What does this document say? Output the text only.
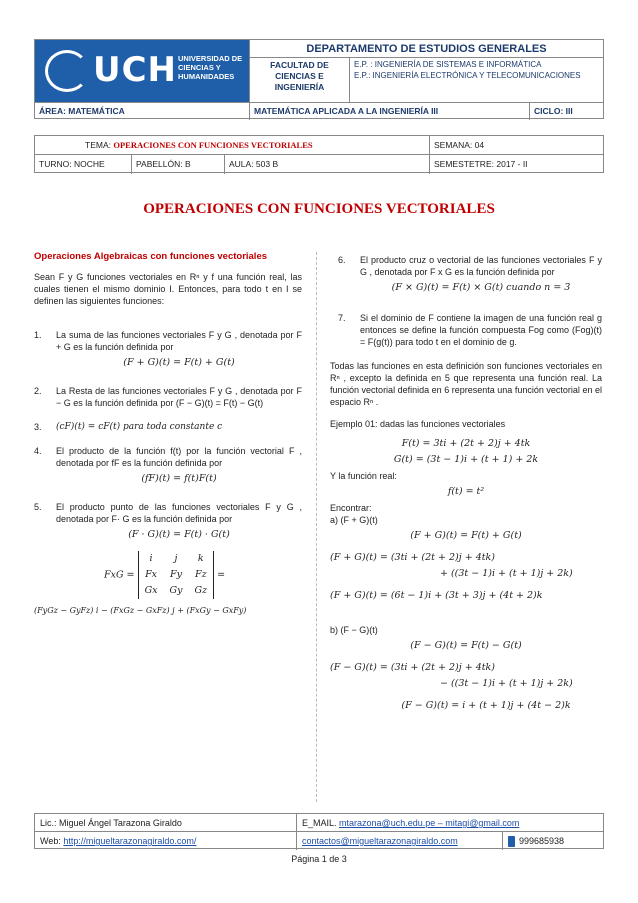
UCH UNIVERSIDAD DE CIENCIAS Y HUMANIDADES
DEPARTAMENTO DE ESTUDIOS GENERALES
FACULTAD DE CIENCIAS E INGENIERÍA
E.P. : INGENIERÍA DE SISTEMAS E INFORMÁTICA
E.P.: INGENIERÍA ELECTRÓNICA Y TELECOMUNICACIONES
ÁREA: MATEMÁTICA	MATEMÁTICA APLICADA A LA INGENIERÍA III	CICLO: III
TEMA: OPERACIONES CON FUNCIONES VECTORIALES	SEMANA: 04
TURNO: NOCHE	PABELLÓN: B	AULA: 503 B	SEMESTETRE: 2017 - II
OPERACIONES CON FUNCIONES VECTORIALES
Operaciones Algebraicas con funciones vectoriales

Sean F y G funciones vectoriales en Rⁿ y f una función real, las cuales tienen el mismo dominio I. Entonces, para todo t en I se definen las siguientes funciones:

1.	La suma de las funciones vectoriales F y G , denotada por F + G es la función definida por
(F + G)(t) = F(t) + G(t)
2.	La Resta de las funciones vectoriales F y G , denotada por F − G es la función definida por (F − G)(t) = F(t) − G(t)
3.	(cF)(t) = cF(t) para toda constante c
4.	El producto de la función f(t) por la función vectorial F , denotada por fF es la función definida por
(fF)(t) = f(t)F(t)
5.	El producto punto de las funciones vectoriales F y G , denotada por F· G es la función definida por
(F · G)(t) = F(t) · G(t)
FxG = i	j	k
Fx	Fy	Fz
Gx	Gy	Gz =
(FyGz − GyFz) i − (FxGz − GxFz) j + (FxGy − GxFy)
6.	El producto cruz o vectorial de las funciones vectoriales F y G , denotada por F x G es la función definida por
(F × G)(t) = F(t) × G(t) cuando n = 3
7.	Si el dominio de F contiene la imagen de una función real g entonces se define la función compuesta Fog como (Fog)(t) = F(g(t)) para todo t en el dominio de g.

Todas las funciones en esta definición son funciones vectoriales en Rⁿ , excepto la definida en 5 que representa una función real. La función vectorial definida en 6 representa una función vectorial en el espacio Rⁿ .

Ejemplo 01: dadas las funciones vectoriales

F(t) = 3ti + (2t + 2)j + 4tk
G(t) = (3t − 1)i + (t + 1) + 2k
Y la función real:
f(t) = t²
Encontrar:
a) (F + G)(t)
(F + G)(t) = F(t) + G(t)
(F + G)(t) = (3ti + (2t + 2)j + 4tk)
+ ((3t − 1)i + (t + 1)j + 2k)
(F + G)(t) = (6t − 1)i + (3t + 3)j + (4t + 2)k
b) (F − G)(t)
(F − G)(t) = F(t) − G(t)
(F − G)(t) = (3ti + (2t + 2)j + 4tk)
− ((3t − 1)i + (t + 1)j + 2k)
(F − G)(t) = i + (t + 1)j + (4t − 2)k
Lic.: Miguel Ángel Tarazona Giraldo	E_MAIL. mtarazona@uch.edu.pe – mitagi@gmail.com
Web: http://migueltarazonagiraldo.com/	contactos@migueltarazonagiraldo.com	999685938
Página 1 de 3
